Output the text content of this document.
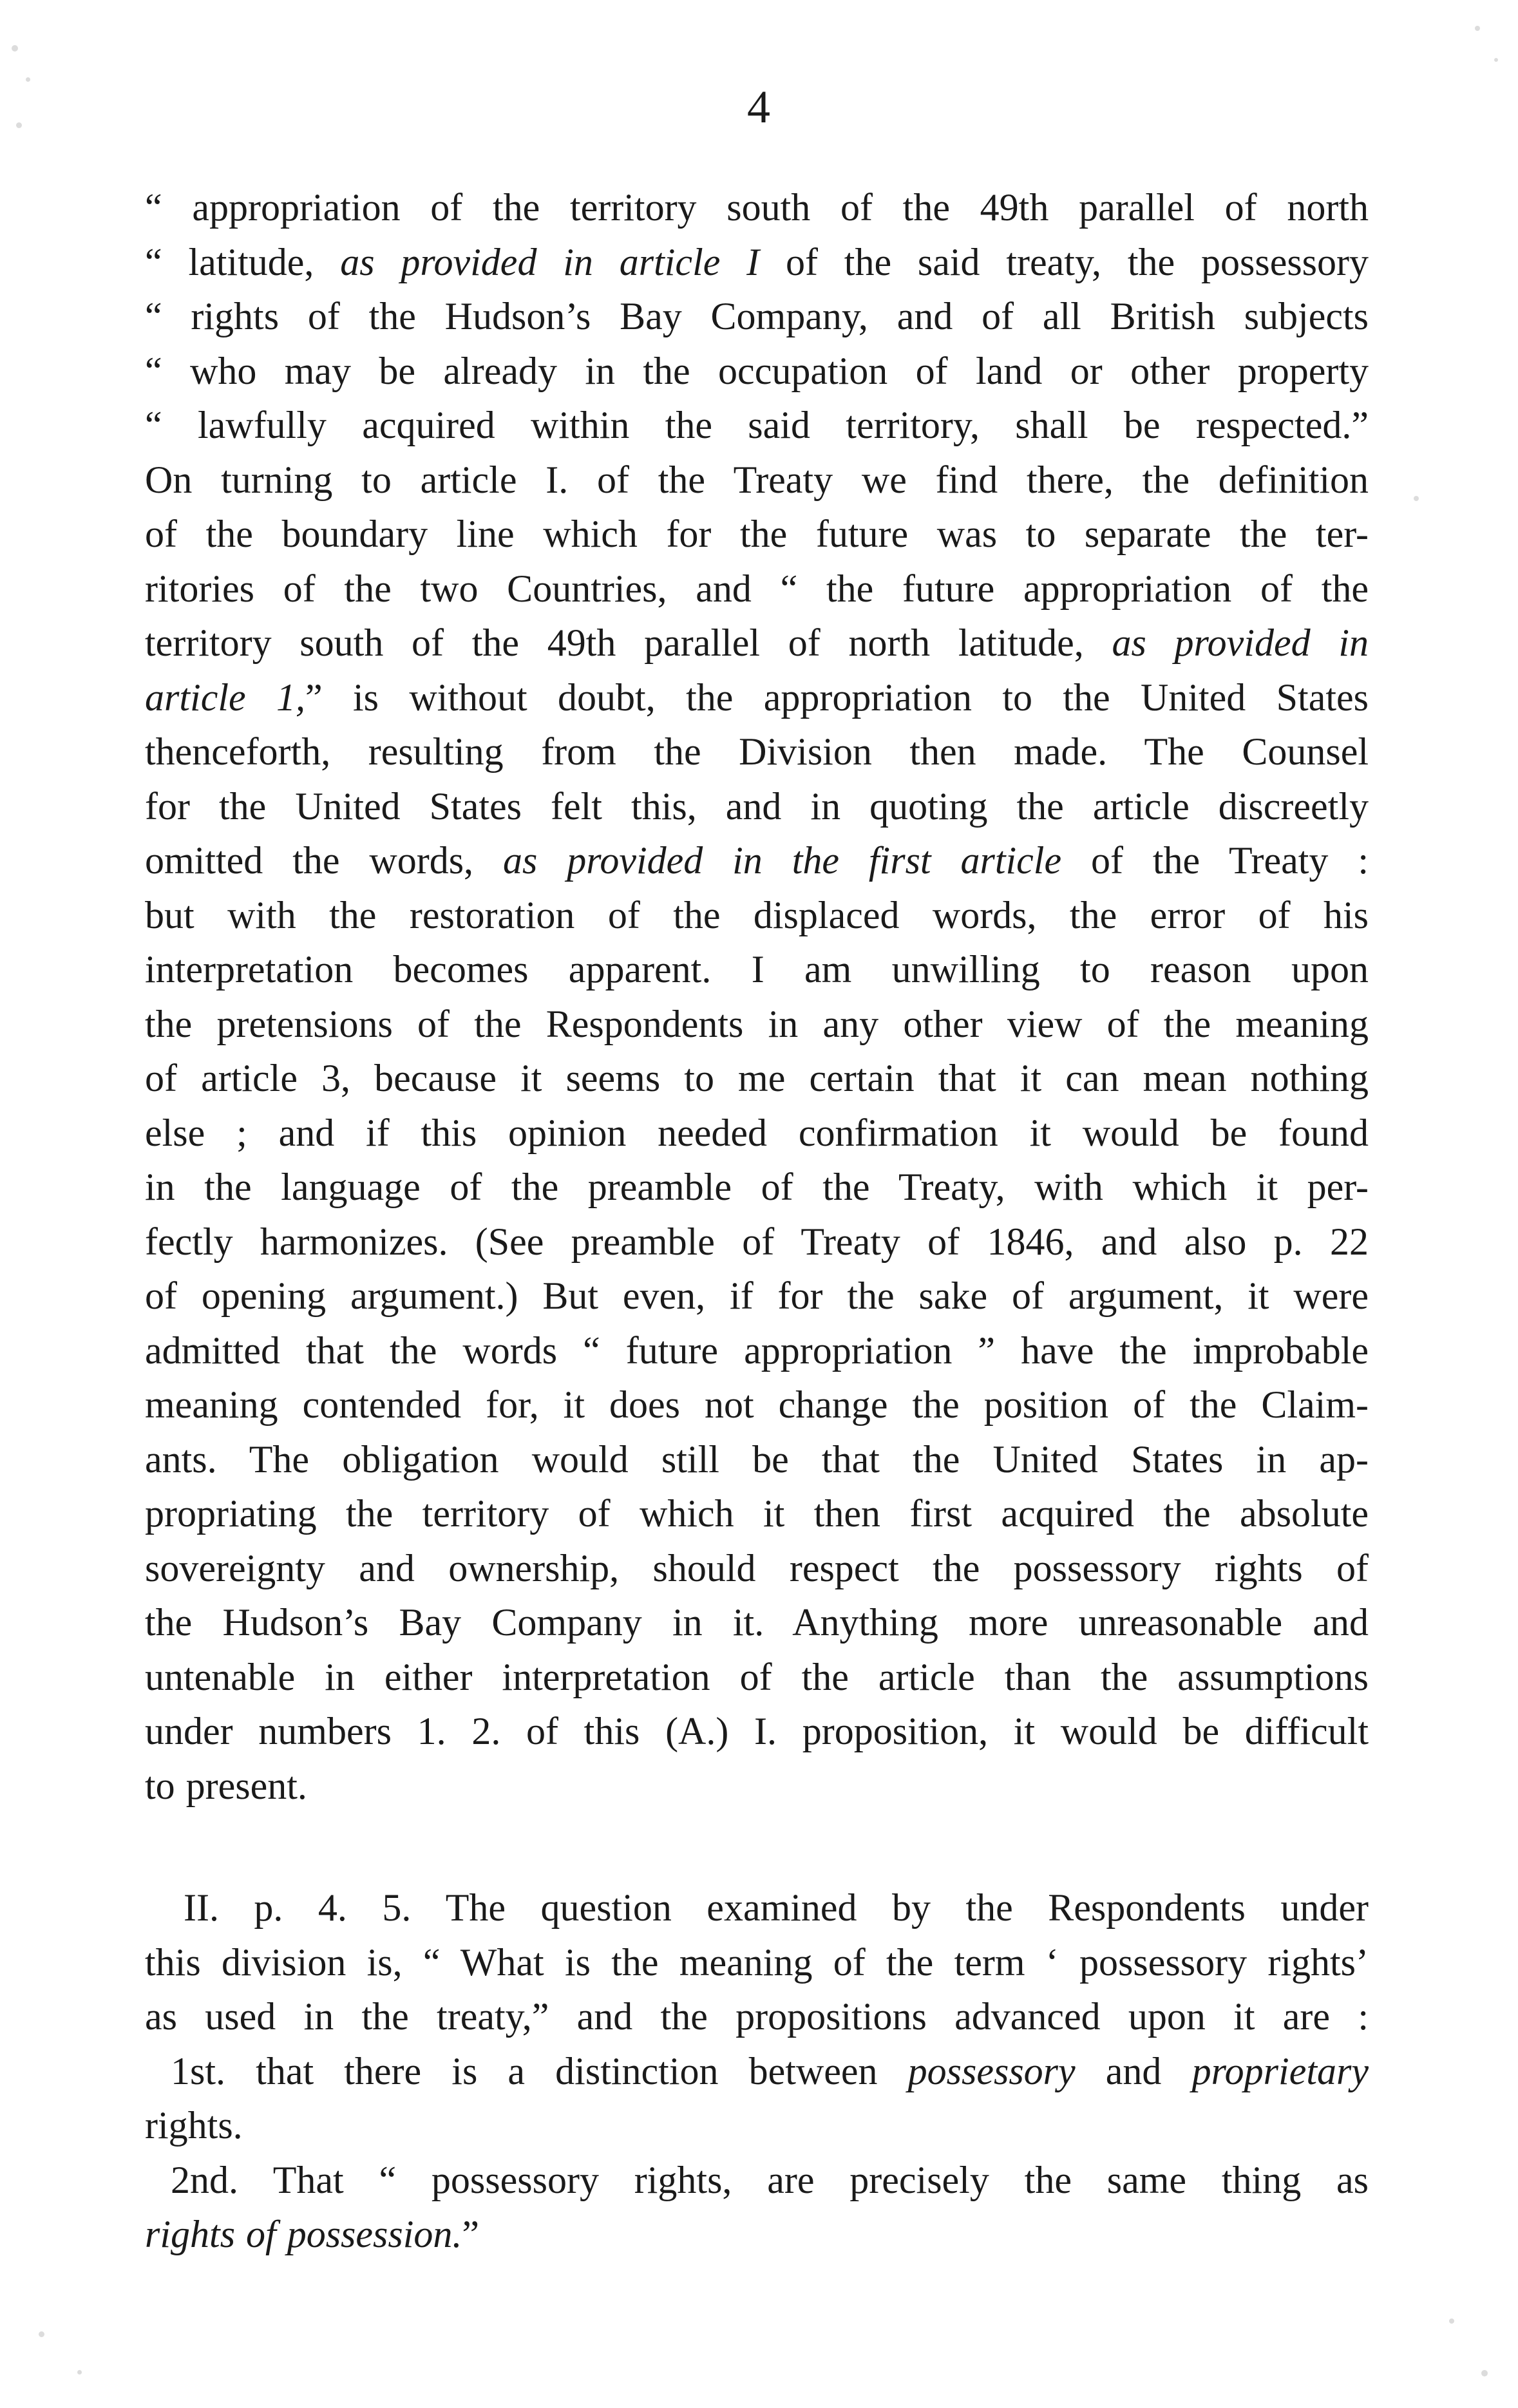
4
“ appropriation of the territory south of the 49th parallel of north
“ latitude, as provided in article I of the said treaty, the possessory
“ rights of the Hudson’s Bay Company, and of all British subjects
“ who may be already in the occupation of land or other property
“ lawfully acquired within the said territory, shall be respected.”
On turning to article I. of the Treaty we find there, the definition
of the boundary line which for the future was to separate the ter-
ritories of the two Countries, and “ the future appropriation of the
territory south of the 49th parallel of north latitude, as provided in
article 1,” is without doubt, the appropriation to the United States
thenceforth, resulting from the Division then made. The Counsel
for the United States felt this, and in quoting the article discreetly
omitted the words, as provided in the first article of the Treaty :
but with the restoration of the displaced words, the error of his
interpretation becomes apparent. I am unwilling to reason upon
the pretensions of the Respondents in any other view of the meaning
of article 3, because it seems to me certain that it can mean nothing
else ; and if this opinion needed confirmation it would be found
in the language of the preamble of the Treaty, with which it per-
fectly harmonizes. (See preamble of Treaty of 1846, and also p. 22
of opening argument.) But even, if for the sake of argument, it were
admitted that the words “ future appropriation ” have the improbable
meaning contended for, it does not change the position of the Claim-
ants. The obligation would still be that the United States in ap-
propriating the territory of which it then first acquired the absolute
sovereignty and ownership, should respect the possessory rights of
the Hudson’s Bay Company in it. Anything more unreasonable and
untenable in either interpretation of the article than the assumptions
under numbers 1. 2. of this (A.) I. proposition, it would be difficult
to present.
II. p. 4. 5. The question examined by the Respondents under
this division is, “ What is the meaning of the term ‘ possessory rights’
as used in the treaty,” and the propositions advanced upon it are :
1st. that there is a distinction between possessory and proprietary
rights.
2nd. That “ possessory rights, are precisely the same thing as
rights of possession.”
